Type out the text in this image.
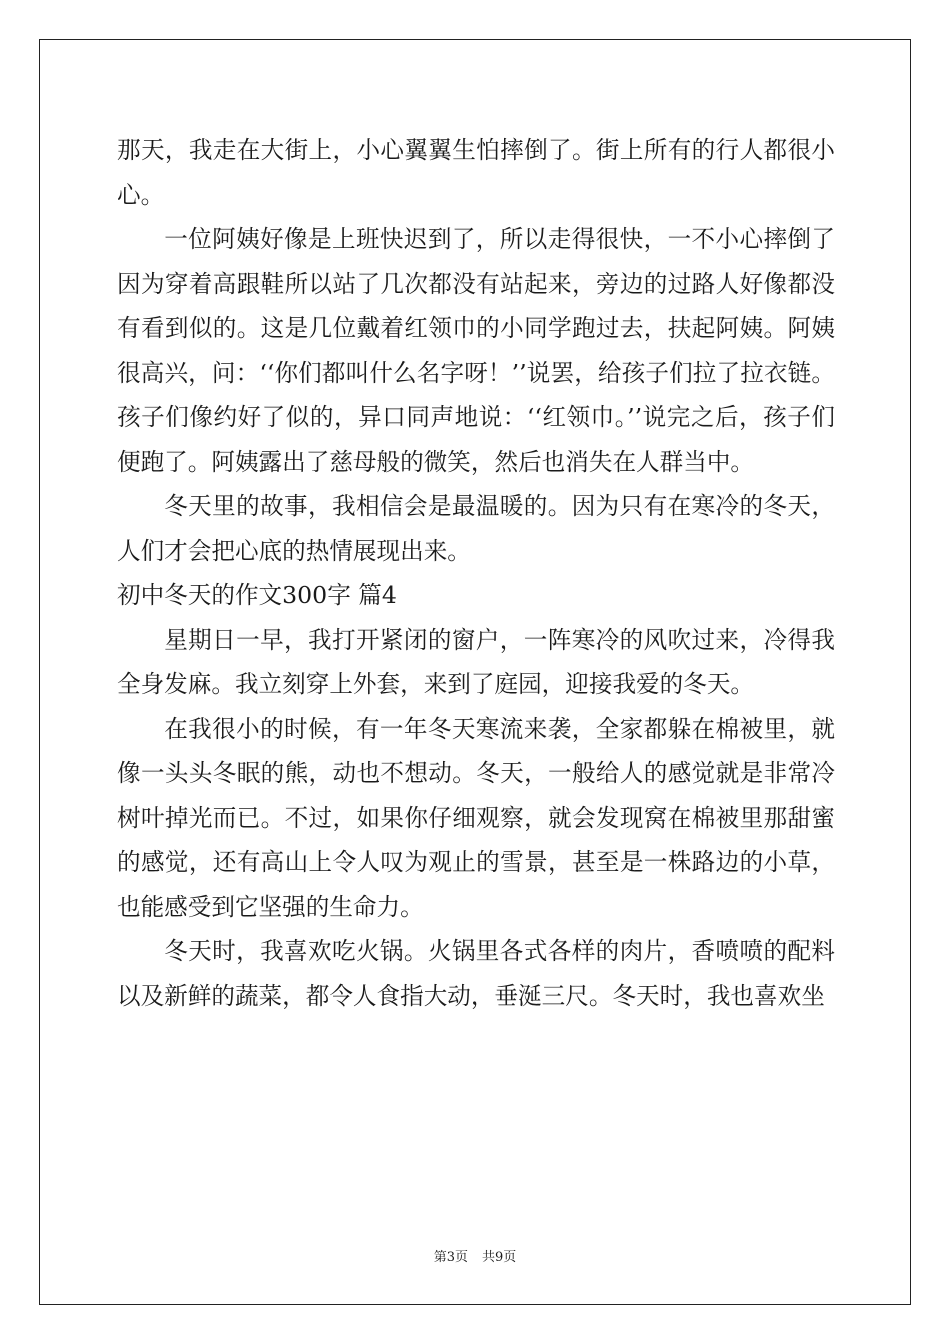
那天，我走在大街上，小心翼翼生怕摔倒了。街上所有的行人都很小心。

一位阿姨好像是上班快迟到了，所以走得很快，一不小心摔倒了因为穿着高跟鞋所以站了几次都没有站起来，旁边的过路人好像都没有看到似的。这是几位戴着红领巾的小同学跑过去，扶起阿姨。阿姨很高兴，问：‘‘你们都叫什么名字呀！’’说罢，给孩子们拉了拉衣链。孩子们像约好了似的，异口同声地说：‘‘红领巾。’’说完之后，孩子们便跑了。阿姨露出了慈母般的微笑，然后也消失在人群当中。

冬天里的故事，我相信会是最温暖的。因为只有在寒冷的冬天，人们才会把心底的热情展现出来。

初中冬天的作文300字 篇4

星期日一早，我打开紧闭的窗户，一阵寒冷的风吹过来，冷得我全身发麻。我立刻穿上外套，来到了庭园，迎接我爱的冬天。

在我很小的时候，有一年冬天寒流来袭，全家都躲在棉被里，就像一头头冬眠的熊，动也不想动。冬天，一般给人的感觉就是非常冷树叶掉光而已。不过，如果你仔细观察，就会发现窝在棉被里那甜蜜的感觉，还有高山上令人叹为观止的雪景，甚至是一株路边的小草，也能感受到它坚强的生命力。

冬天时，我喜欢吃火锅。火锅里各式各样的肉片，香喷喷的配料以及新鲜的蔬菜，都令人食指大动，垂涎三尺。冬天时，我也喜欢坐

第3页 共9页
